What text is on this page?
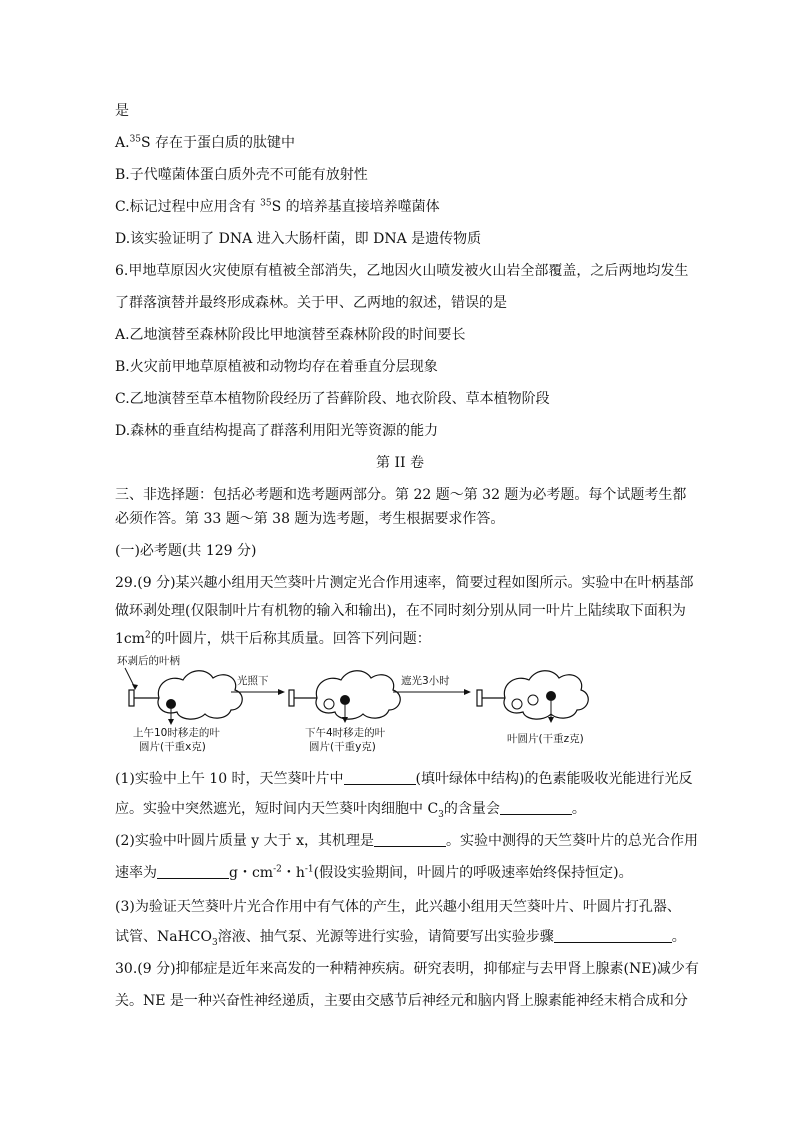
是
A.$^{35}$S 存在于蛋白质的肽键中
B.子代噬菌体蛋白质外壳不可能有放射性
C.标记过程中应用含有 $^{35}$S 的培养基直接培养噬菌体
D.该实验证明了 DNA 进入大肠杆菌，即 DNA 是遗传物质
6.甲地草原因火灾使原有植被全部消失，乙地因火山喷发被火山岩全部覆盖，之后两地均发生
了群落演替并最终形成森林。关于甲、乙两地的叙述，错误的是
A.乙地演替至森林阶段比甲地演替至森林阶段的时间要长
B.火灾前甲地草原植被和动物均存在着垂直分层现象
C.乙地演替至草本植物阶段经历了苔藓阶段、地衣阶段、草本植物阶段
D.森林的垂直结构提高了群落利用阳光等资源的能力
第 II 卷
三、非选择题：包括必考题和选考题两部分。第 22 题～第 32 题为必考题。每个试题考生都
必须作答。第 33 题～第 38 题为选考题，考生根据要求作答。
(一)必考题(共 129 分)
29.(9 分)某兴趣小组用天竺葵叶片测定光合作用速率，简要过程如图所示。实验中在叶柄基部
做环剥处理(仅限制叶片有机物的输入和输出)，在不同时刻分别从同一叶片上陆续取下面积为
$1cm^2$的叶圆片，烘干后称其质量。回答下列问题：
环剥后的叶柄
上午10时移走的叶
圆片(干重x克)
光照下
下午4时移走的叶
圆片(干重y克)
遮光3小时
叶圆片(干重z克)
(1)实验中上午 10 时，天竺葵叶片中	(填叶绿体中结构)的色素能吸收光能进行光反
应。实验中突然遮光，短时间内天竺葵叶肉细胞中 $C_3$的含量会	。
(2)实验中叶圆片质量 y 大于 x，其机理是	。实验中测得的天竺葵叶片的总光合作用
速率为	g・$cm^{-2}$・$h^{-1}$(假设实验期间，叶圆片的呼吸速率始终保持恒定)。
(3)为验证天竺葵叶片光合作用中有气体的产生，此兴趣小组用天竺葵叶片、叶圆片打孔器、
试管、NaHCO$_3$溶液、抽气泵、光源等进行实验，请简要写出实验步骤	。
30.(9 分)抑郁症是近年来高发的一种精神疾病。研究表明，抑郁症与去甲肾上腺素(NE)减少有
关。NE 是一种兴奋性神经递质，主要由交感节后神经元和脑内肾上腺素能神经末梢合成和分
